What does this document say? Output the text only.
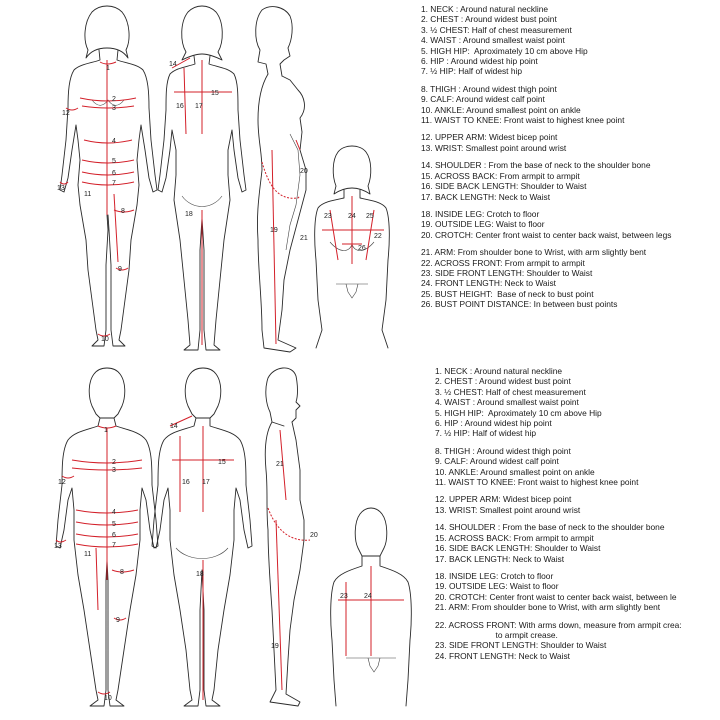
1
2
3
4
5
6
7
8
9
10
11
12
13
14
15
16 17
18
19
20
23 24 25
26
22
21
1
2
3
4
5
6
7
8
9
10
11
12
13
14
15
16 17
18
21
20
19
23 24
1. NECK : Around natural neckline
2. CHEST : Around widest bust point
3. ½ CHEST: Half of chest measurement
4. WAIST : Around smallest waist point
5. HIGH HIP:  Aproximately 10 cm above Hip
6. HIP : Around widest hip point
7. ½ HIP: Half of widest hip
8. THIGH : Around widest thigh point
9. CALF: Around widest calf point
10. ANKLE: Around smallest point on ankle
11. WAIST TO KNEE: Front waist to highest knee point
12. UPPER ARM: Widest bicep point
13. WRIST: Smallest point around wrist
14. SHOULDER : From the base of neck to the shoulder bone
15. ACROSS BACK: From armpit to armpit
16. SIDE BACK LENGTH: Shoulder to Waist
17. BACK LENGTH: Neck to Waist
18. INSIDE LEG: Crotch to floor
19. OUTSIDE LEG: Waist to floor
20. CROTCH: Center front waist to center back waist, between legs
21. ARM: From shoulder bone to Wrist, with arm slightly bent
22. ACROSS FRONT: From armpit to armpit
23. SIDE FRONT LENGTH: Shoulder to Waist
24. FRONT LENGTH: Neck to Waist
25. BUST HEIGHT:  Base of neck to bust point
26. BUST POINT DISTANCE: In between bust points
1. NECK : Around natural neckline
2. CHEST : Around widest bust point
3. ½ CHEST: Half of chest measurement
4. WAIST : Around smallest waist point
5. HIGH HIP:  Aproximately 10 cm above Hip
6. HIP : Around widest hip point
7. ½ HIP: Half of widest hip
8. THIGH : Around widest thigh point
9. CALF: Around widest calf point
10. ANKLE: Around smallest point on ankle
11. WAIST TO KNEE: Front waist to highest knee point
12. UPPER ARM: Widest bicep point
13. WRIST: Smallest point around wrist
14. SHOULDER : From the base of neck to the shoulder bone
15. ACROSS BACK: From armpit to armpit
16. SIDE BACK LENGTH: Shoulder to Waist
17. BACK LENGTH: Neck to Waist
18. INSIDE LEG: Crotch to floor
19. OUTSIDE LEG: Waist to floor
20. CROTCH: Center front waist to center back waist, between le
21. ARM: From shoulder bone to Wrist, with arm slightly bent
22. ACROSS FRONT: With arms down, measure from armpit crea:
to armpit crease.
23. SIDE FRONT LENGTH: Shoulder to Waist
24. FRONT LENGTH: Neck to Waist
